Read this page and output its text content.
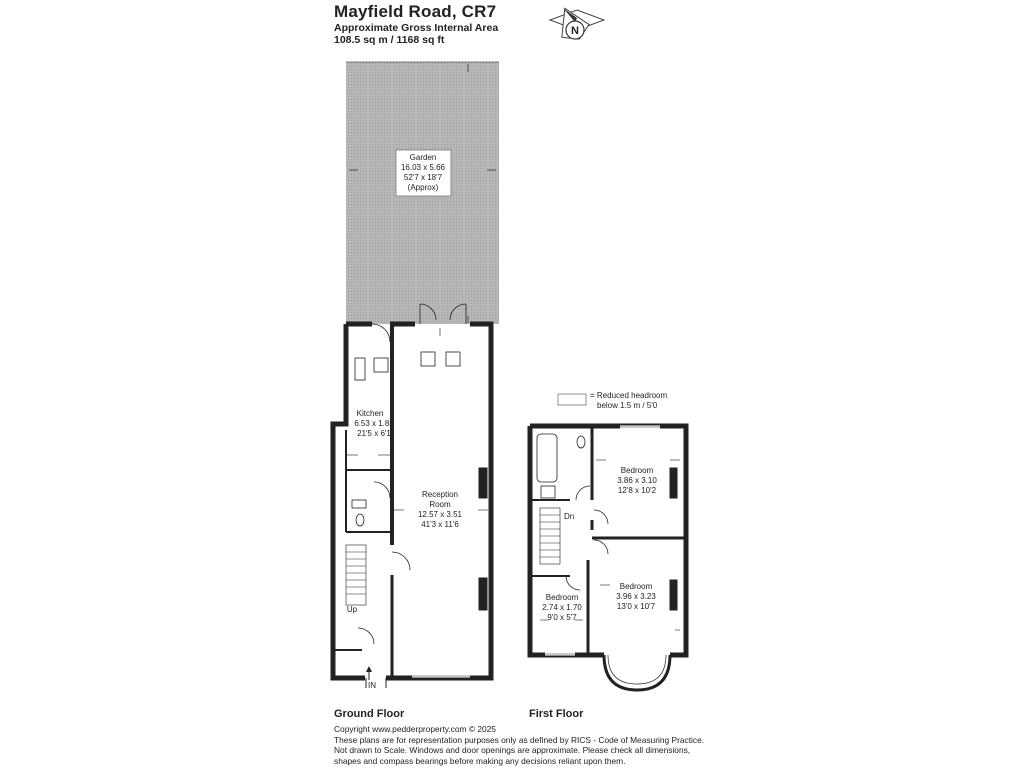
Mayfield Road, CR7
Approximate Gross Internal Area
108.5 sq m / 1168 sq ft
N
Garden
16.03 x 5.66
52'7 x 18'7
(Approx)
Kitchen
6.53 x 1.85
21'5 x 6'1
Reception
Room
12.57 x 3.51
41'3 x 11'6
Up
IN
Dn
Bedroom
3.86 x 3.10
12'8 x 10'2
Bedroom
3.96 x 3.23
13'0 x 10'7
Bedroom
2.74 x 1.70
9'0 x 5'7
= Reduced headroom
below 1.5 m / 5'0
Ground Floor	First Floor
Copyright www.pedderproperty.com © 2025
These plans are for representation purposes only as defined by RICS - Code of Measuring Practice.
Not drawn to Scale. Windows and door openings are approximate. Please check all dimensions,
shapes and compass bearings before making any decisions reliant upon them.
